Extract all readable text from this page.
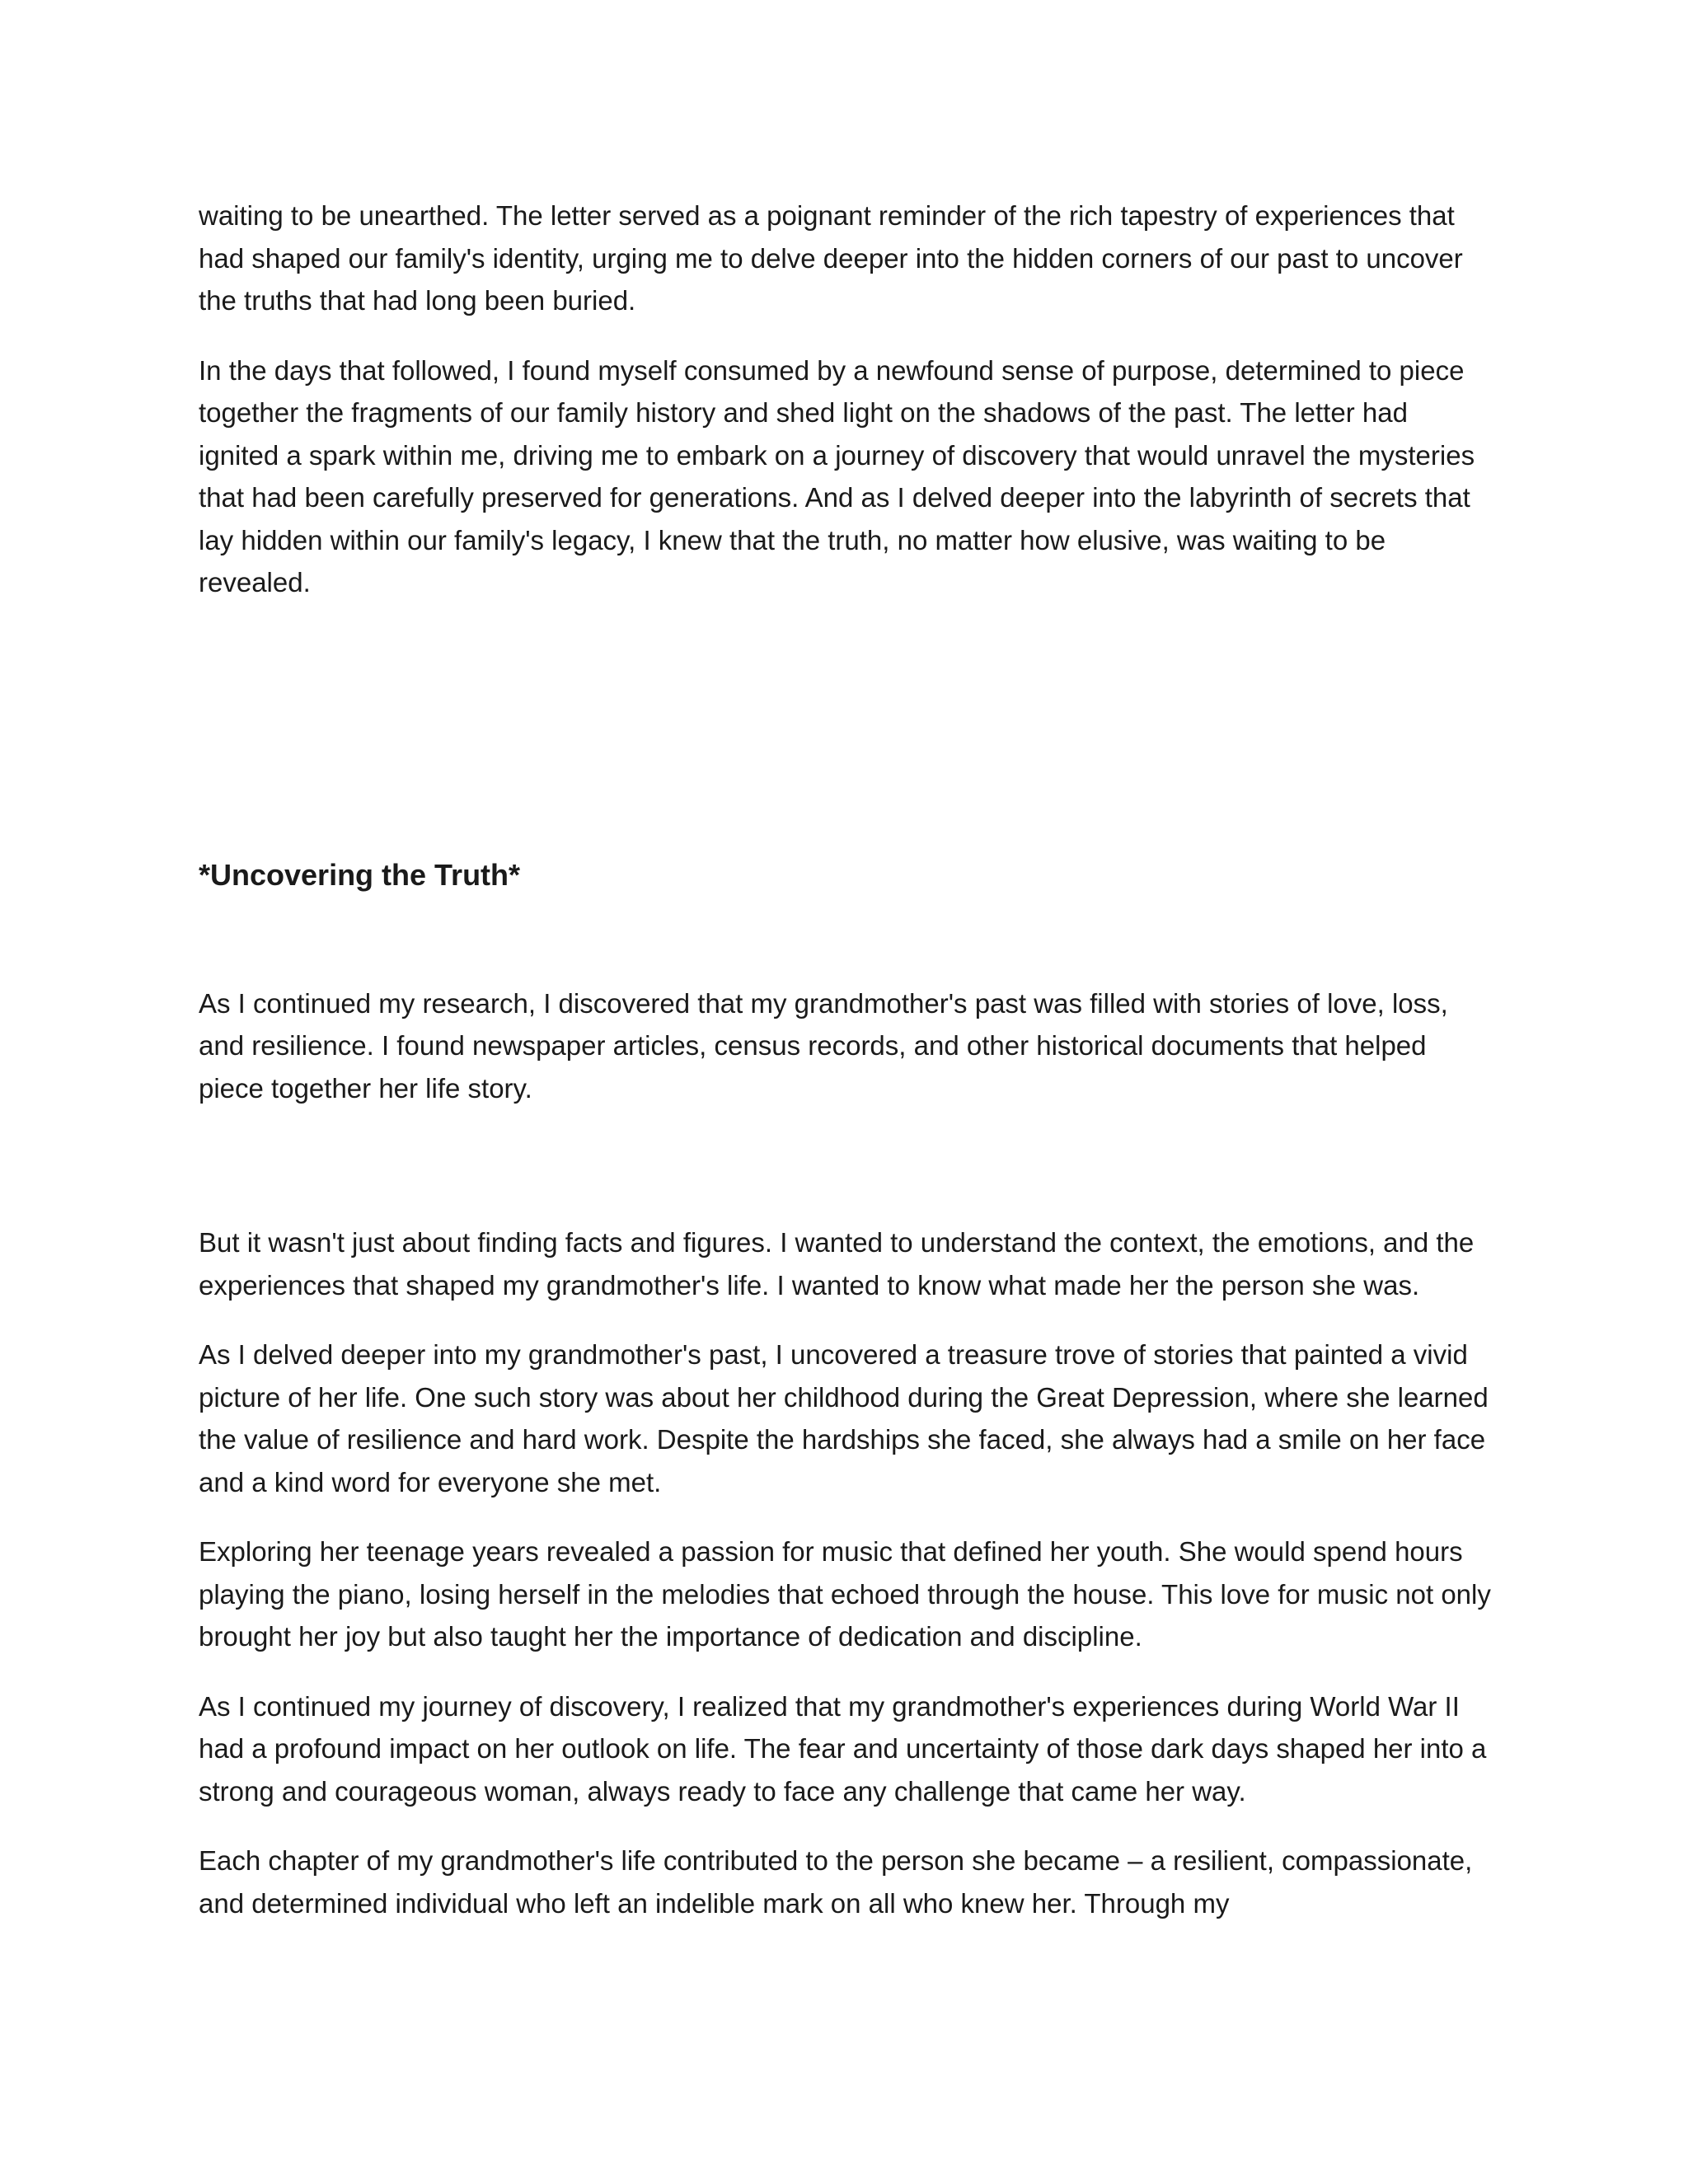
waiting to be unearthed. The letter served as a poignant reminder of the rich tapestry of experiences that had shaped our family's identity, urging me to delve deeper into the hidden corners of our past to uncover the truths that had long been buried.

In the days that followed, I found myself consumed by a newfound sense of purpose, determined to piece together the fragments of our family history and shed light on the shadows of the past. The letter had ignited a spark within me, driving me to embark on a journey of discovery that would unravel the mysteries that had been carefully preserved for generations. And as I delved deeper into the labyrinth of secrets that lay hidden within our family's legacy, I knew that the truth, no matter how elusive, was waiting to be revealed.

*Uncovering the Truth*

As I continued my research, I discovered that my grandmother's past was filled with stories of love, loss, and resilience. I found newspaper articles, census records, and other historical documents that helped piece together her life story.

But it wasn't just about finding facts and figures. I wanted to understand the context, the emotions, and the experiences that shaped my grandmother's life. I wanted to know what made her the person she was.

As I delved deeper into my grandmother's past, I uncovered a treasure trove of stories that painted a vivid picture of her life. One such story was about her childhood during the Great Depression, where she learned the value of resilience and hard work. Despite the hardships she faced, she always had a smile on her face and a kind word for everyone she met.

Exploring her teenage years revealed a passion for music that defined her youth. She would spend hours playing the piano, losing herself in the melodies that echoed through the house. This love for music not only brought her joy but also taught her the importance of dedication and discipline.

As I continued my journey of discovery, I realized that my grandmother's experiences during World War II had a profound impact on her outlook on life. The fear and uncertainty of those dark days shaped her into a strong and courageous woman, always ready to face any challenge that came her way.

Each chapter of my grandmother's life contributed to the person she became – a resilient, compassionate, and determined individual who left an indelible mark on all who knew her. Through my
